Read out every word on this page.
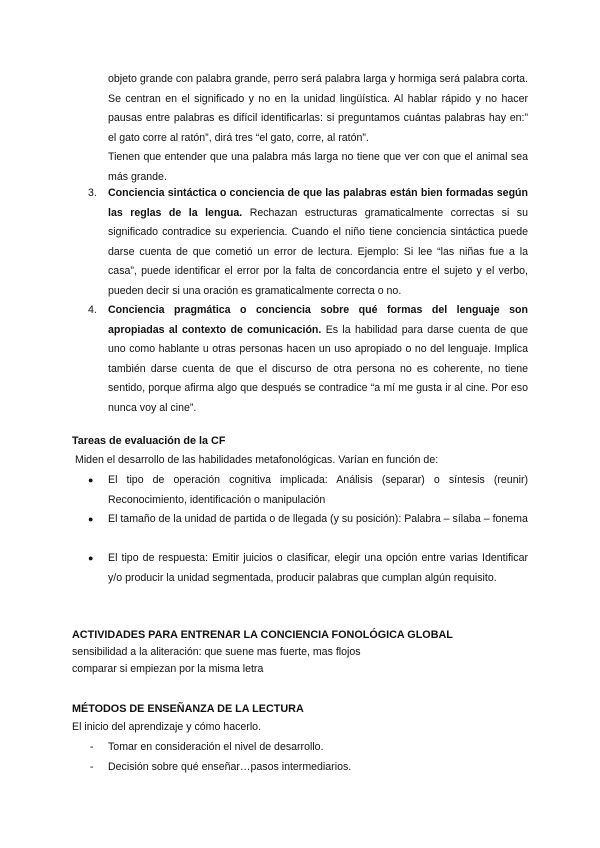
objeto grande con palabra grande, perro será palabra larga y hormiga será palabra corta. Se centran en el significado y no en la unidad lingüística. Al hablar rápido y no hacer pausas entre palabras es difícil identificarlas: si preguntamos cuántas palabras hay en:” el gato corre al ratón”, dirá tres “el gato, corre, al ratón”.

Tienen que entender que una palabra más larga no tiene que ver con que el animal sea más grande.

3. Conciencia sintáctica o conciencia de que las palabras están bien formadas según las reglas de la lengua. Rechazan estructuras gramaticalmente correctas si su significado contradice su experiencia. Cuando el niño tiene conciencia sintáctica puede darse cuenta de que cometió un error de lectura. Ejemplo: Si lee “las niñas fue a la casa”, puede identificar el error por la falta de concordancia entre el sujeto y el verbo, pueden decir si una oración es gramaticalmente correcta o no.

4. Conciencia pragmática o conciencia sobre qué formas del lenguaje son apropiadas al contexto de comunicación. Es la habilidad para darse cuenta de que uno como hablante u otras personas hacen un uso apropiado o no del lenguaje. Implica también darse cuenta de que el discurso de otra persona no es coherente, no tiene sentido, porque afirma algo que después se contradice “a mí me gusta ir al cine. Por eso nunca voy al cine”.

Tareas de evaluación de la CF
Miden el desarrollo de las habilidades metafonológicas. Varían en función de:
● El tipo de operación cognitiva implicada: Análisis (separar) o síntesis (reunir) Reconocimiento, identificación o manipulación

● El tamaño de la unidad de partida o de llegada (y su posición): Palabra – sílaba – fonema

● El tipo de respuesta: Emitir juicios o clasificar, elegir una opción entre varias Identificar y/o producir la unidad segmentada, producir palabras que cumplan algún requisito.

ACTIVIDADES PARA ENTRENAR LA CONCIENCIA FONOLÓGICA GLOBAL
sensibilidad a la aliteración: que suene mas fuerte, mas flojos
comparar si empiezan por la misma letra
MÉTODOS DE ENSEÑANZA DE LA LECTURA
El inicio del aprendizaje y cómo hacerlo.
- Tomar en consideración el nivel de desarrollo.
- Decisión sobre qué enseñar…pasos intermediarios.
